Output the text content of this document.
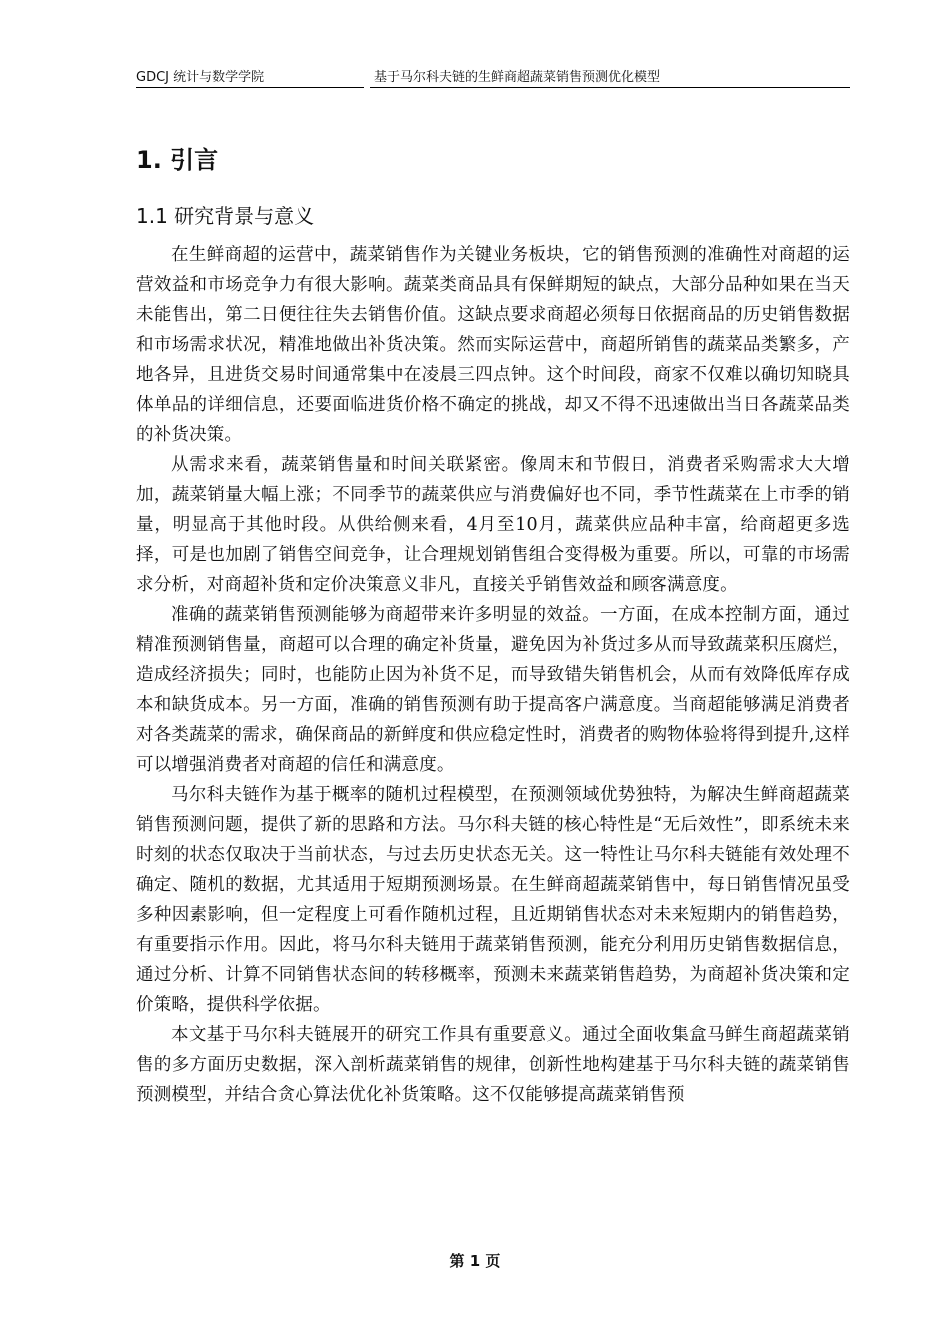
GDCJ 统计与数学学院	基于马尔科夫链的生鲜商超蔬菜销售预测优化模型
1. 引言
1.1 研究背景与意义

在生鲜商超的运营中，蔬菜销售作为关键业务板块，它的销售预测的准确性对商超的运营效益和市场竞争力有很大影响。蔬菜类商品具有保鲜期短的缺点，大部分品种如果在当天未能售出，第二日便往往失去销售价值。这缺点要求商超必须每日依据商品的历史销售数据和市场需求状况，精准地做出补货决策。然而实际运营中，商超所销售的蔬菜品类繁多，产地各异，且进货交易时间通常集中在凌晨三四点钟。这个时间段，商家不仅难以确切知晓具体单品的详细信息，还要面临进货价格不确定的挑战，却又不得不迅速做出当日各蔬菜品类的补货决策。

从需求来看，蔬菜销售量和时间关联紧密。像周末和节假日，消费者采购需求大大增加，蔬菜销量大幅上涨；不同季节的蔬菜供应与消费偏好也不同，季节性蔬菜在上市季的销量，明显高于其他时段。从供给侧来看，4月至10月，蔬菜供应品种丰富，给商超更多选择，可是也加剧了销售空间竞争，让合理规划销售组合变得极为重要。所以，可靠的市场需求分析，对商超补货和定价决策意义非凡，直接关乎销售效益和顾客满意度。

准确的蔬菜销售预测能够为商超带来许多明显的效益。一方面，在成本控制方面，通过精准预测销售量，商超可以合理的确定补货量，避免因为补货过多从而导致蔬菜积压腐烂，造成经济损失；同时，也能防止因为补货不足，而导致错失销售机会，从而有效降低库存成本和缺货成本。另一方面，准确的销售预测有助于提高客户满意度。当商超能够满足消费者对各类蔬菜的需求，确保商品的新鲜度和供应稳定性时，消费者的购物体验将得到提升,这样可以增强消费者对商超的信任和满意度。

马尔科夫链作为基于概率的随机过程模型，在预测领域优势独特，为解决生鲜商超蔬菜销售预测问题，提供了新的思路和方法。马尔科夫链的核心特性是“无后效性”，即系统未来时刻的状态仅取决于当前状态，与过去历史状态无关。这一特性让马尔科夫链能有效处理不确定、随机的数据，尤其适用于短期预测场景。在生鲜商超蔬菜销售中，每日销售情况虽受多种因素影响，但一定程度上可看作随机过程，且近期销售状态对未来短期内的销售趋势，有重要指示作用。因此，将马尔科夫链用于蔬菜销售预测，能充分利用历史销售数据信息，通过分析、计算不同销售状态间的转移概率，预测未来蔬菜销售趋势，为商超补货决策和定价策略，提供科学依据。

本文基于马尔科夫链展开的研究工作具有重要意义。通过全面收集盒马鲜生商超蔬菜销售的多方面历史数据，深入剖析蔬菜销售的规律，创新性地构建基于马尔科夫链的蔬菜销售预测模型，并结合贪心算法优化补货策略。这不仅能够提高蔬菜销售预

第 1 页
